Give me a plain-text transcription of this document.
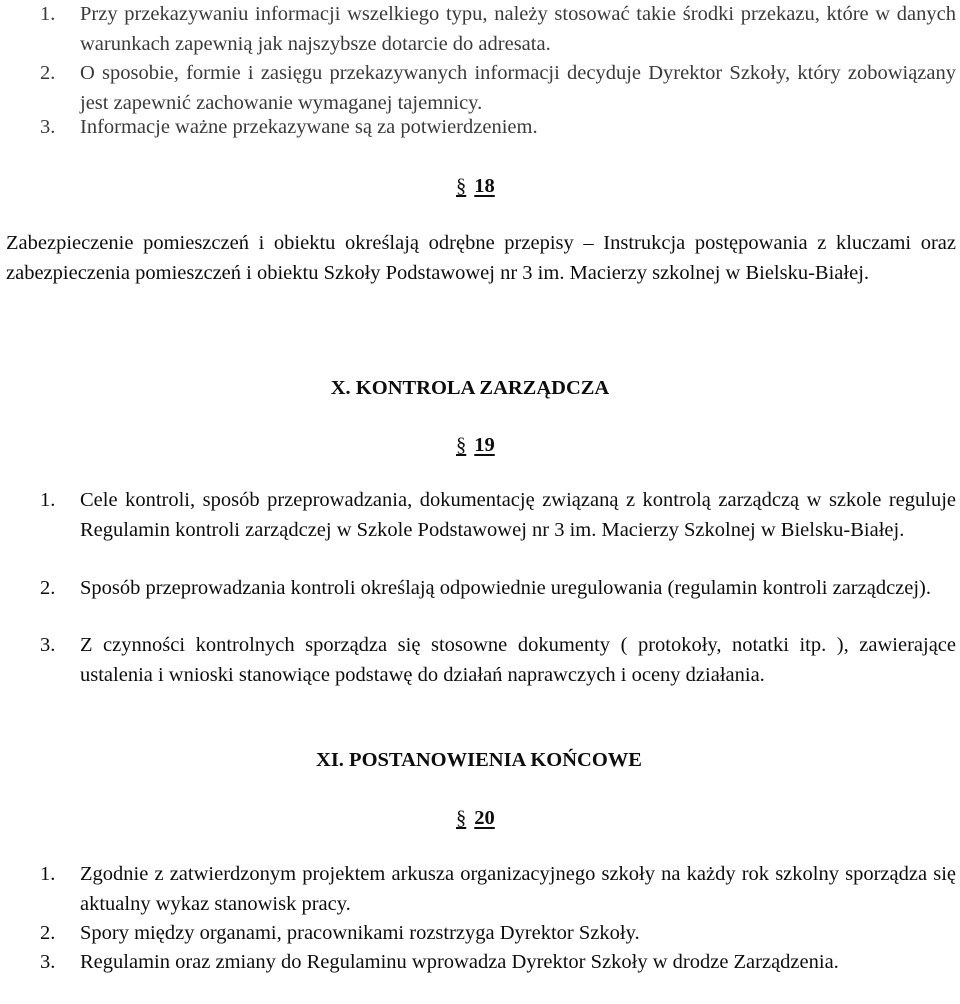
1. Przy przekazywaniu informacji wszelkiego typu, należy stosować takie środki przekazu, które w danych warunkach zapewnią jak najszybsze dotarcie do adresata.
2. O sposobie, formie i zasięgu przekazywanych informacji decyduje Dyrektor Szkoły, który zobowiązany jest zapewnić zachowanie wymaganej tajemnicy.
3. Informacje ważne przekazywane są za potwierdzeniem.
§ 18
Zabezpieczenie pomieszczeń i obiektu określają odrębne przepisy – Instrukcja postępowania z kluczami oraz zabezpieczenia pomieszczeń i obiektu Szkoły Podstawowej nr 3 im. Macierzy szkolnej w Bielsku-Białej.
X. KONTROLA ZARZĄDCZA
§ 19
1. Cele kontroli, sposób przeprowadzania, dokumentację związaną z kontrolą zarządczą w szkole reguluje Regulamin kontroli zarządczej w Szkole Podstawowej nr 3 im. Macierzy Szkolnej w Bielsku-Białej.
2. Sposób przeprowadzania kontroli określają odpowiednie uregulowania (regulamin kontroli zarządczej).
3. Z czynności kontrolnych sporządza się stosowne dokumenty ( protokoły, notatki itp. ), zawierające ustalenia i wnioski stanowiące podstawę do działań naprawczych i oceny działania.
XI. POSTANOWIENIA KOŃCOWE
§ 20
1. Zgodnie z zatwierdzonym projektem arkusza organizacyjnego szkoły na każdy rok szkolny sporządza się aktualny wykaz stanowisk pracy.
2. Spory między organami, pracownikami rozstrzyga Dyrektor Szkoły.
3. Regulamin oraz zmiany do Regulaminu wprowadza Dyrektor Szkoły w drodze Zarządzenia.
